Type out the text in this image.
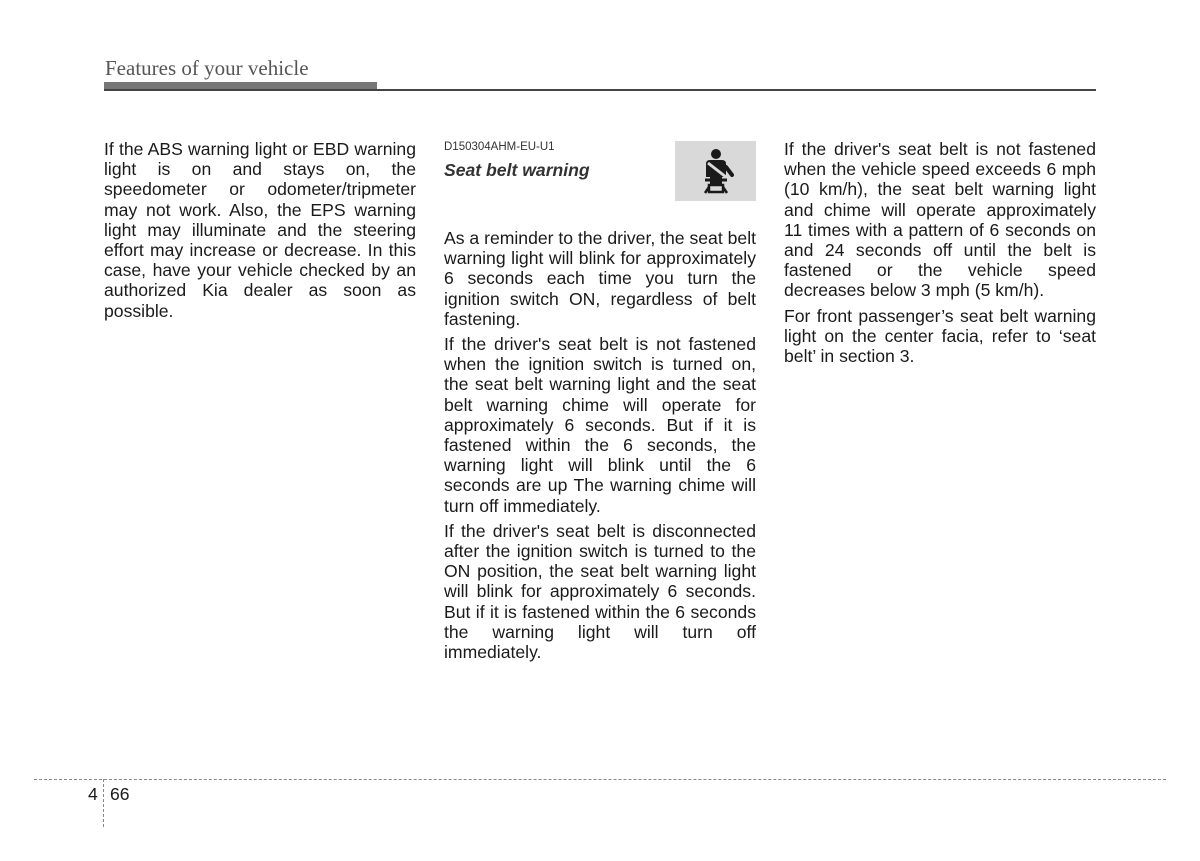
Features of your vehicle

If the ABS warning light or EBD warning light is on and stays on, the speedometer or odometer/tripmeter may not work. Also, the EPS warning light may illuminate and the steering effort may increase or decrease. In this case, have your vehicle checked by an authorized Kia dealer as soon as possible.

D150304AHM-EU-U1
Seat belt warning

As a reminder to the driver, the seat belt warning light will blink for approximately 6 seconds each time you turn the ignition switch ON, regardless of belt fastening.

If the driver's seat belt is not fastened when the ignition switch is turned on, the seat belt warning light and the seat belt warning chime will operate for approximately 6 seconds. But if it is fastened within the 6 seconds, the warning light will blink until the 6 seconds are up The warning chime will turn off immediately.

If the driver's seat belt is disconnected after the ignition switch is turned to the ON position, the seat belt warning light will blink for approximately 6 seconds. But if it is fastened within the 6 seconds the warning light will turn off immediately.

If the driver's seat belt is not fastened when the vehicle speed exceeds 6 mph (10 km/h), the seat belt warning light and chime will operate approximately 11 times with a pattern of 6 seconds on and 24 seconds off until the belt is fastened or the vehicle speed decreases below 3 mph (5 km/h).

For front passenger’s seat belt warning light on the center facia, refer to ‘seat belt’ in section 3.

4 66
